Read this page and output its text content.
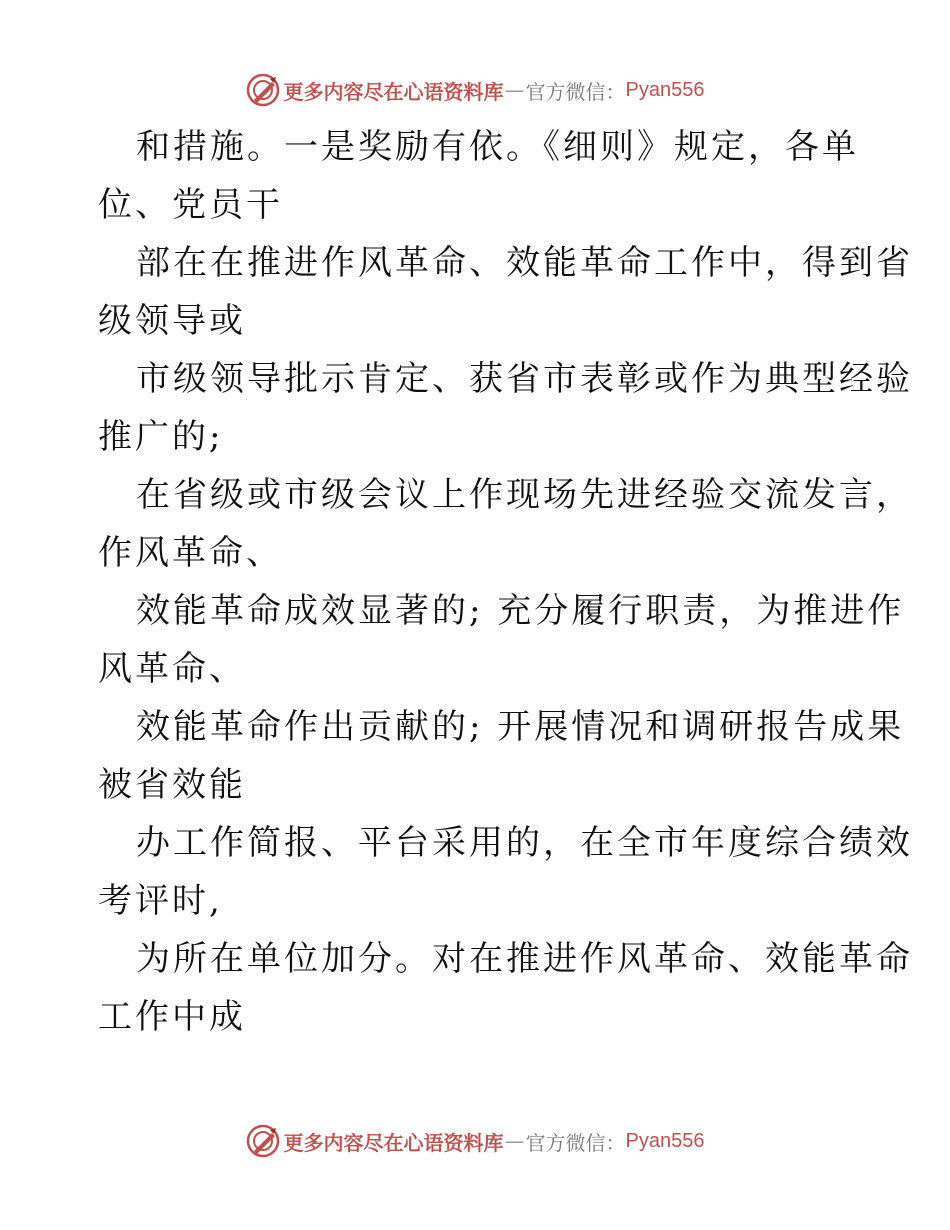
更多内容尽在心语资料库 — 官方微信： Pyan556

和措施。一是奖励有依。《细则》规定，各单

位、党员干

部在在推进作风革命、效能革命工作中，得到省

级领导或

市级领导批示肯定、获省市表彰或作为典型经验

推广的;

在省级或市级会议上作现场先进经验交流发言，

作风革命、

效能革命成效显著的; 充分履行职责，为推进作

风革命、

效能革命作出贡献的; 开展情况和调研报告成果

被省效能

办工作简报、平台采用的，在全市年度综合绩效

考评时,

为所在单位加分。对在推进作风革命、效能革命

工作中成

更多内容尽在心语资料库 — 官方微信： Pyan556
